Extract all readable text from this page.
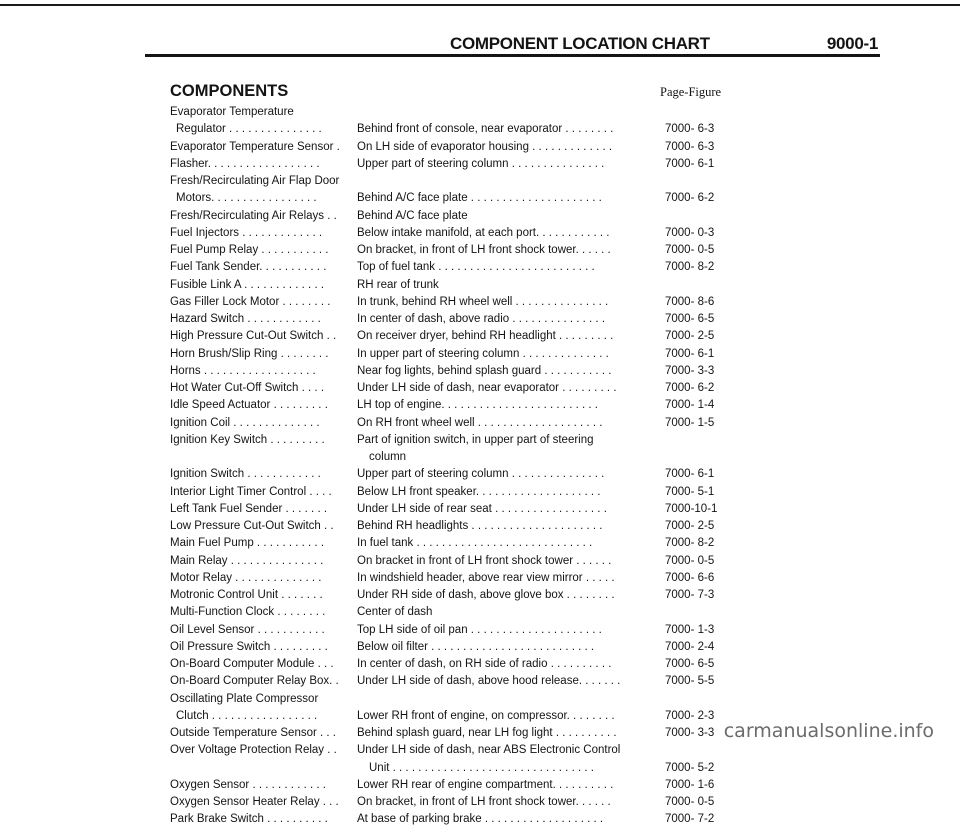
COMPONENT LOCATION CHART	9000-1
COMPONENTS	Page-Figure
Evaporator Temperature
Regulator . . . . . . . . . . . . . . .	Behind front of console, near evaporator . . . . . . . .	7000- 6-3
Evaporator Temperature Sensor .	On LH side of evaporator housing . . . . . . . . . . . . .	7000- 6-3
Flasher. . . . . . . . . . . . . . . . . .	Upper part of steering column . . . . . . . . . . . . . . .	7000- 6-1
Fresh/Recirculating Air Flap Door
Motors. . . . . . . . . . . . . . . . .	Behind A/C face plate . . . . . . . . . . . . . . . . . . . . .	7000- 6-2
Fresh/Recirculating Air Relays . .	Behind A/C face plate
Fuel Injectors . . . . . . . . . . . . .	Below intake manifold, at each port. . . . . . . . . . . .	7000- 0-3
Fuel Pump Relay . . . . . . . . . . .	On bracket, in front of LH front shock tower. . . . . .	7000- 0-5
Fuel Tank Sender. . . . . . . . . . .	Top of fuel tank . . . . . . . . . . . . . . . . . . . . . . . . .	7000- 8-2
Fusible Link A . . . . . . . . . . . . .	RH rear of trunk
Gas Filler Lock Motor . . . . . . . .	In trunk, behind RH wheel well . . . . . . . . . . . . . . .	7000- 8-6
Hazard Switch . . . . . . . . . . . .	In center of dash, above radio . . . . . . . . . . . . . . .	7000- 6-5
High Pressure Cut-Out Switch . .	On receiver dryer, behind RH headlight . . . . . . . . .	7000- 2-5
Horn Brush/Slip Ring . . . . . . . .	In upper part of steering column . . . . . . . . . . . . . .	7000- 6-1
Horns . . . . . . . . . . . . . . . . . .	Near fog lights, behind splash guard . . . . . . . . . . .	7000- 3-3
Hot Water Cut-Off Switch . . . .	Under LH side of dash, near evaporator . . . . . . . . .	7000- 6-2
Idle Speed Actuator . . . . . . . . .	LH top of engine. . . . . . . . . . . . . . . . . . . . . . . . .	7000- 1-4
Ignition Coil . . . . . . . . . . . . . .	On RH front wheel well . . . . . . . . . . . . . . . . . . . .	7000- 1-5
Ignition Key Switch . . . . . . . . .	Part of ignition switch, in upper part of steering
column
Ignition Switch . . . . . . . . . . . .	Upper part of steering column . . . . . . . . . . . . . . .	7000- 6-1
Interior Light Timer Control . . . .	Below LH front speaker. . . . . . . . . . . . . . . . . . . .	7000- 5-1
Left Tank Fuel Sender . . . . . . .	Under LH side of rear seat . . . . . . . . . . . . . . . . . .	7000-10-1
Low Pressure Cut-Out Switch . .	Behind RH headlights . . . . . . . . . . . . . . . . . . . . .	7000- 2-5
Main Fuel Pump . . . . . . . . . . .	In fuel tank . . . . . . . . . . . . . . . . . . . . . . . . . . . .	7000- 8-2
Main Relay . . . . . . . . . . . . . . .	On bracket in front of LH front shock tower . . . . . .	7000- 0-5
Motor Relay . . . . . . . . . . . . . .	In windshield header, above rear view mirror . . . . .	7000- 6-6
Motronic Control Unit . . . . . . .	Under RH side of dash, above glove box . . . . . . . .	7000- 7-3
Multi-Function Clock . . . . . . . .	Center of dash
Oil Level Sensor . . . . . . . . . . .	Top LH side of oil pan . . . . . . . . . . . . . . . . . . . . .	7000- 1-3
Oil Pressure Switch . . . . . . . . .	Below oil filter . . . . . . . . . . . . . . . . . . . . . . . . . .	7000- 2-4
On-Board Computer Module . . .	In center of dash, on RH side of radio . . . . . . . . . .	7000- 6-5
On-Board Computer Relay Box. .	Under LH side of dash, above hood release. . . . . . .	7000- 5-5
Oscillating Plate Compressor
Clutch . . . . . . . . . . . . . . . . .	Lower RH front of engine, on compressor. . . . . . . .	7000- 2-3
Outside Temperature Sensor . . .	Behind splash guard, near LH fog light . . . . . . . . . .	7000- 3-3
Over Voltage Protection Relay . .	Under LH side of dash, near ABS Electronic Control
Unit . . . . . . . . . . . . . . . . . . . . . . . . . . . . . . . .	7000- 5-2
Oxygen Sensor . . . . . . . . . . . .	Lower RH rear of engine compartment. . . . . . . . . .	7000- 1-6
Oxygen Sensor Heater Relay . . .	On bracket, in front of LH front shock tower. . . . . .	7000- 0-5
Park Brake Switch . . . . . . . . . .	At base of parking brake . . . . . . . . . . . . . . . . . . .	7000- 7-2
carmanualsonline.info
